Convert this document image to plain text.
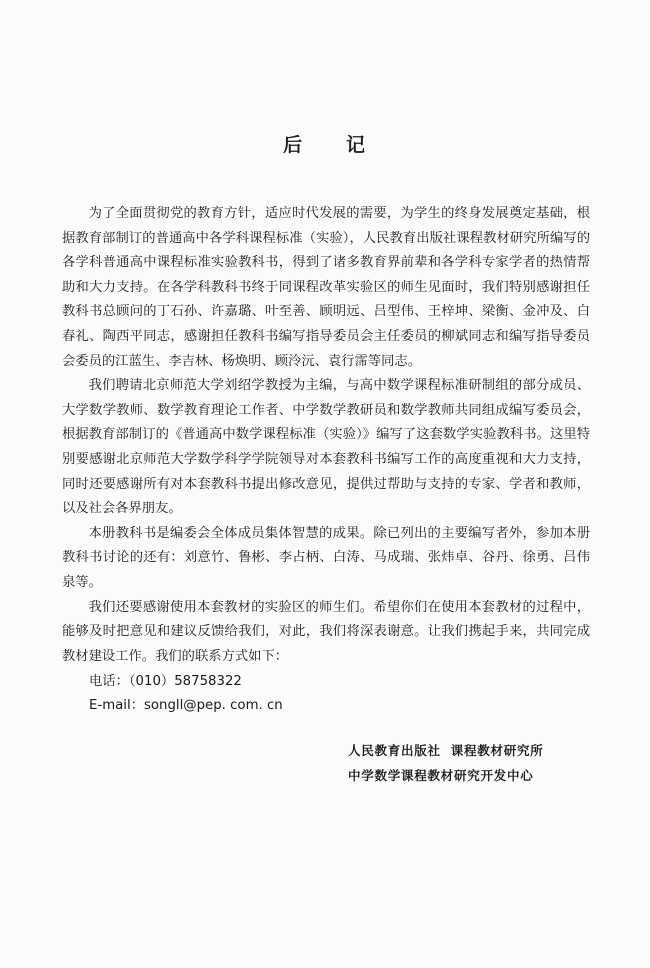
后 记

为了全面贯彻党的教育方针，适应时代发展的需要，为学生的终身发展奠定基础，根据教育部制订的普通高中各学科课程标准（实验），人民教育出版社课程教材研究所编写的各学科普通高中课程标准实验教科书，得到了诸多教育界前辈和各学科专家学者的热情帮助和大力支持。在各学科教科书终于同课程改革实验区的师生见面时，我们特别感谢担任教科书总顾问的丁石孙、许嘉璐、叶至善、顾明远、吕型伟、王梓坤、梁衡、金冲及、白春礼、陶西平同志，感谢担任教科书编写指导委员会主任委员的柳斌同志和编写指导委员会委员的江蓝生、李吉林、杨焕明、顾泠沅、袁行霈等同志。

我们聘请北京师范大学刘绍学教授为主编，与高中数学课程标准研制组的部分成员、大学数学教师、数学教育理论工作者、中学数学教研员和数学教师共同组成编写委员会，根据教育部制订的《普通高中数学课程标准（实验）》编写了这套数学实验教科书。这里特别要感谢北京师范大学数学科学学院领导对本套教科书编写工作的高度重视和大力支持，同时还要感谢所有对本套教科书提出修改意见，提供过帮助与支持的专家、学者和教师，以及社会各界朋友。

本册教科书是编委会全体成员集体智慧的成果。除已列出的主要编写者外，参加本册教科书讨论的还有：刘意竹、鲁彬、李占柄、白涛、马成瑞、张炜卓、谷丹、徐勇、吕伟泉等。

我们还要感谢使用本套教材的实验区的师生们。希望你们在使用本套教材的过程中，能够及时把意见和建议反馈给我们，对此，我们将深表谢意。让我们携起手来，共同完成教材建设工作。我们的联系方式如下：

电话：（010）58758322
E-mail：songll@pep. com. cn
人民教育出版社 课程教材研究所
中学数学课程教材研究开发中心
